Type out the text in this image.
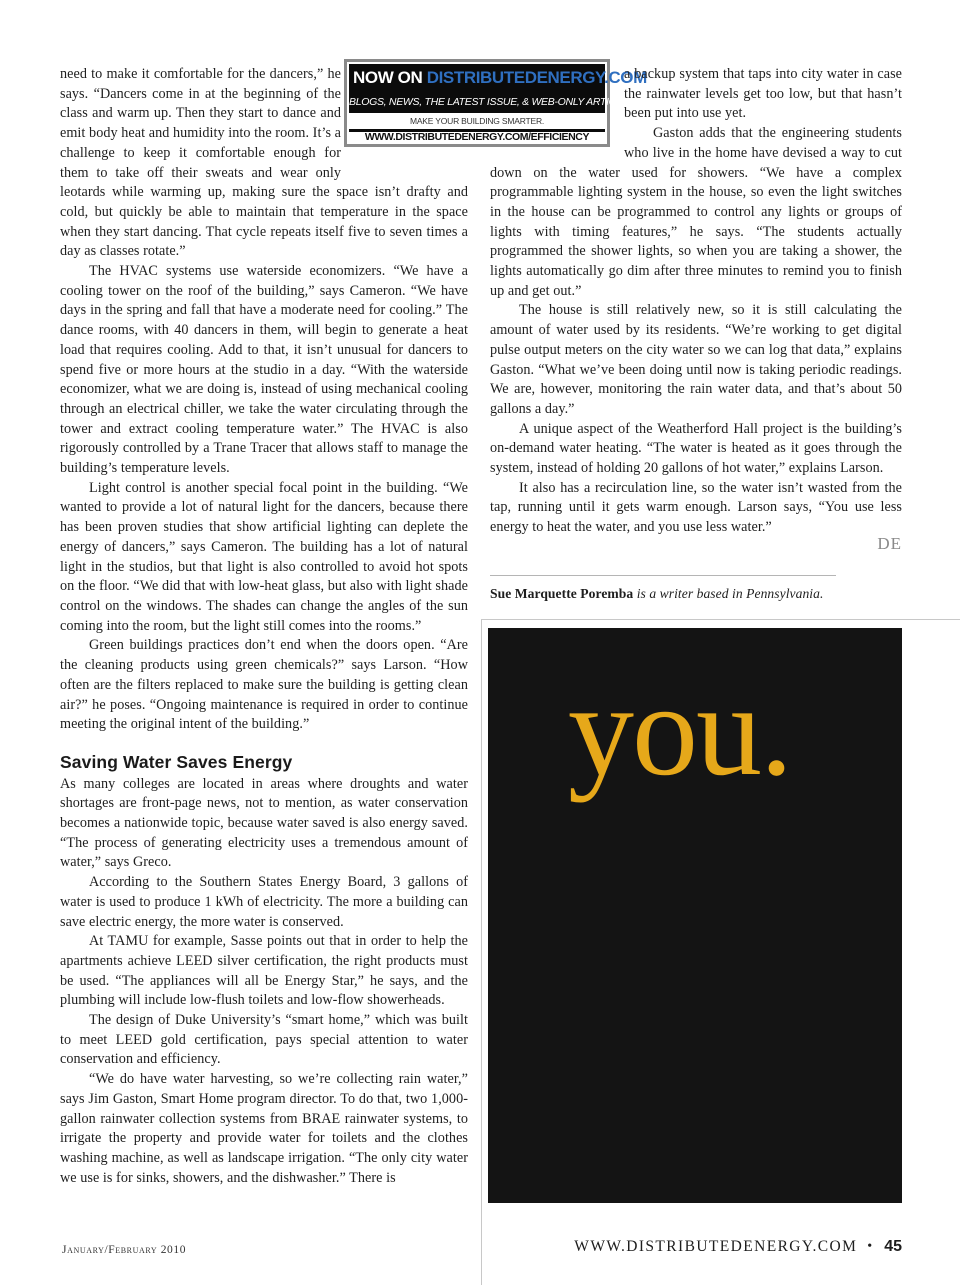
NOW ON DISTRIBUTEDENERGY.COM
BLOGS, NEWS, THE LATEST ISSUE, & WEB-ONLY ARTICLES
MAKE YOUR BUILDING SMARTER.
WWW.DISTRIBUTEDENERGY.COM/EFFICIENCY

need to make it comfortable for the dancers,” he says. “Dancers come in at the beginning of the class and warm up. Then they start to dance and emit body heat and humidity into the room. It’s a challenge to keep it comfortable enough for them to take off their sweats and wear only leotards while warming up, making sure the space isn’t drafty and cold, but quickly be able to maintain that temperature in the space when they start dancing. That cycle repeats itself five to seven times a day as classes rotate.”

The HVAC systems use waterside economizers. “We have a cooling tower on the roof of the building,” says Cameron. “We have days in the spring and fall that have a moderate need for cooling.” The dance rooms, with 40 dancers in them, will begin to generate a heat load that requires cooling. Add to that, it isn’t unusual for dancers to spend five or more hours at the studio in a day. “With the waterside economizer, what we are doing is, instead of using mechanical cooling through an electrical chiller, we take the water circulating through the tower and extract cooling temperature water.” The HVAC is also rigorously controlled by a Trane Tracer that allows staff to manage the building’s temperature levels.

Light control is another special focal point in the building. “We wanted to provide a lot of natural light for the dancers, because there has been proven studies that show artificial lighting can deplete the energy of dancers,” says Cameron. The building has a lot of natural light in the studios, but that light is also controlled to avoid hot spots on the floor. “We did that with low-heat glass, but also with light shade control on the windows. The shades can change the angles of the sun coming into the room, but the light still comes into the rooms.”

Green buildings practices don’t end when the doors open. “Are the cleaning products using green chemicals?” says Larson. “How often are the filters replaced to make sure the building is getting clean air?” he poses. “Ongoing maintenance is required in order to continue meeting the original intent of the building.”

Saving Water Saves Energy

As many colleges are located in areas where droughts and water shortages are front-page news, not to mention, as water conservation becomes a nationwide topic, because water saved is also energy saved. “The process of generating electricity uses a tremendous amount of water,” says Greco.

According to the Southern States Energy Board, 3 gallons of water is used to produce 1 kWh of electricity. The more a building can save electric energy, the more water is conserved.

At TAMU for example, Sasse points out that in order to help the apartments achieve LEED silver certification, the right products must be used. “The appliances will all be Energy Star,” he says, and the plumbing will include low-flush toilets and low-flow showerheads.

The design of Duke University’s “smart home,” which was built to meet LEED gold certification, pays special attention to water conservation and efficiency.

“We do have water harvesting, so we’re collecting rain water,” says Jim Gaston, Smart Home program director. To do that, two 1,000-gallon rainwater collection systems from BRAE rainwater systems, to irrigate the property and provide water for toilets and the clothes washing machine, as well as landscape irrigation. “The only city water we use is for sinks, showers, and the dishwasher.” There is

a backup system that taps into city water in case the rainwater levels get too low, but that hasn’t been put into use yet.

Gaston adds that the engineering students who live in the home have devised a way to cut down on the water used for showers. “We have a complex programmable lighting system in the house, so even the light switches in the house can be programmed to control any lights or groups of lights with timing features,” he says. “The students actually programmed the shower lights, so when you are taking a shower, the lights automatically go dim after three minutes to remind you to finish up and get out.”

The house is still relatively new, so it is still calculating the amount of water used by its residents. “We’re working to get digital pulse output meters on the city water so we can log that data,” explains Gaston. “What we’ve been doing until now is taking periodic readings. We are, however, monitoring the rain water data, and that’s about 50 gallons a day.”

A unique aspect of the Weatherford Hall project is the building’s on-demand water heating. “The water is heated as it goes through the system, instead of holding 20 gallons of hot water,” explains Larson.

It also has a recirculation line, so the water isn’t wasted from the tap, running until it gets warm enough. Larson says, “You use less energy to heat the water, and you use less water.”

DE

Sue Marquette Poremba is a writer based in Pennsylvania.

you.
January/February 2010	WWW.DISTRIBUTEDENERGY.COM • 45
